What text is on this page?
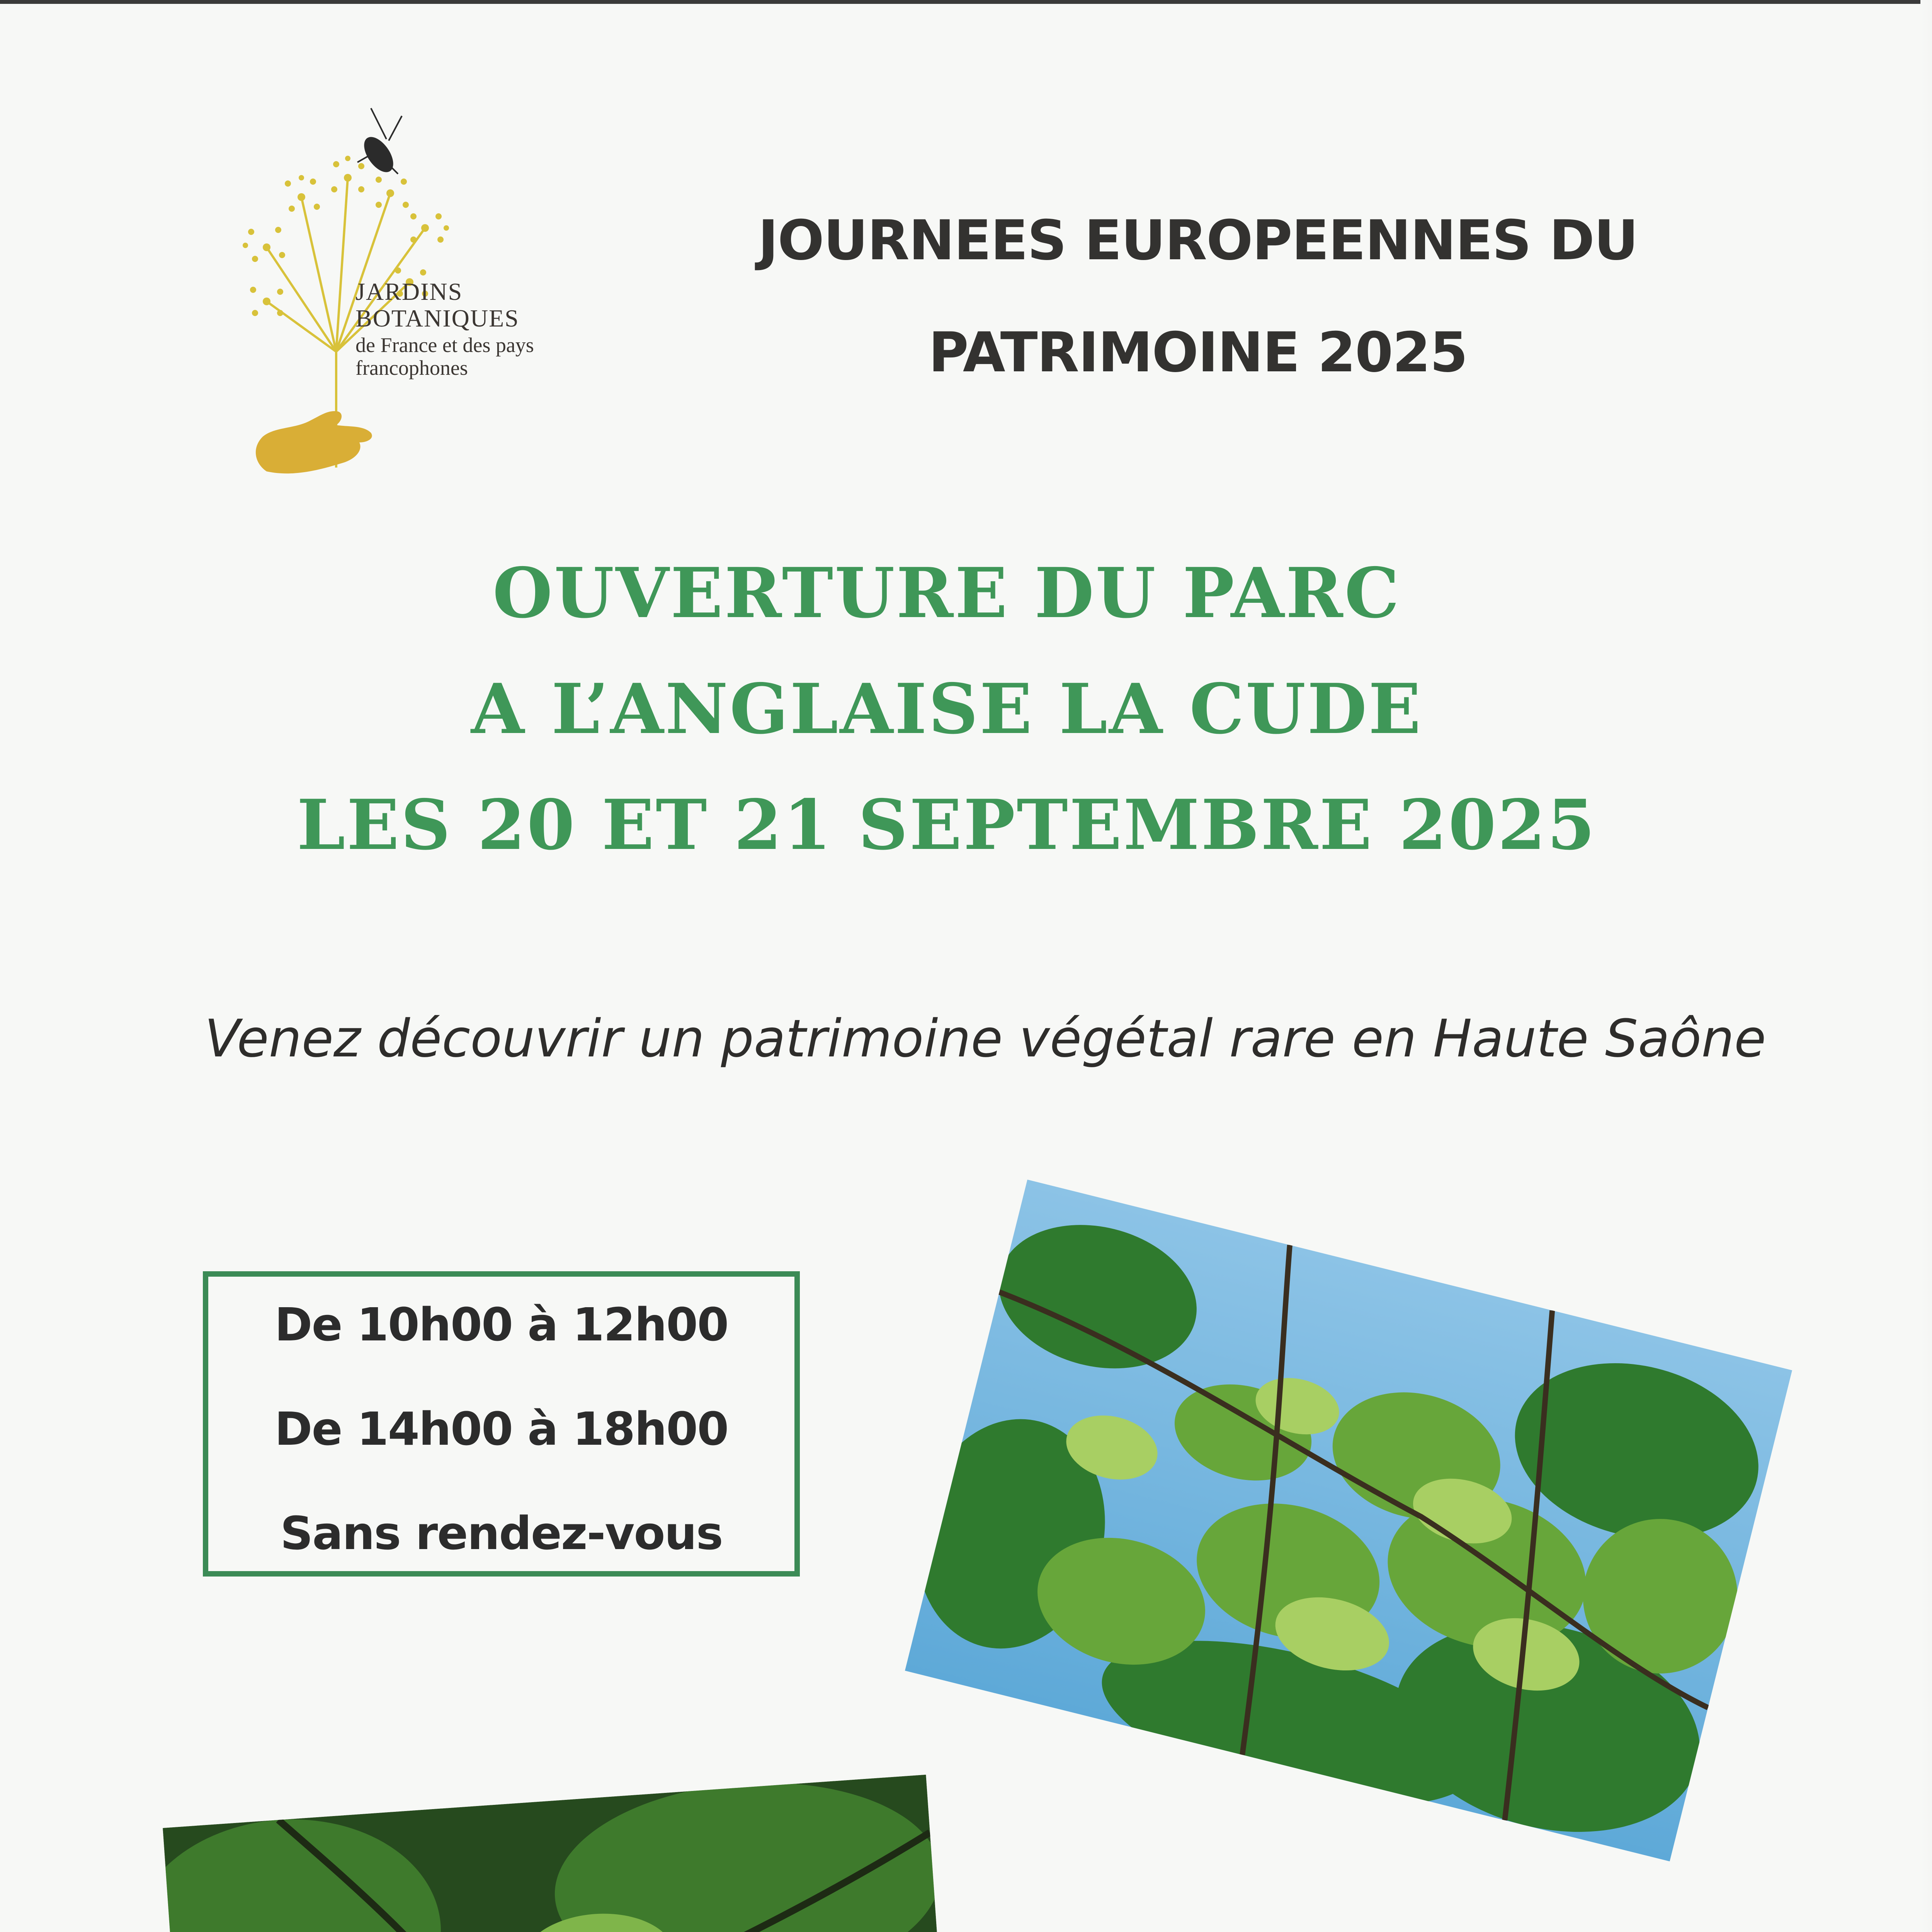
JARDINS
BOTANIQUES
de France et des pays
francophones
JOURNEES EUROPEENNES DU
PATRIMOINE 2025
OUVERTURE DU PARC
A L’ANGLAISE LA CUDE
LES 20 ET 21 SEPTEMBRE 2025
Venez découvrir un patrimoine végétal rare en Haute Saône
De 10h00 à 12h00
De 14h00 à 18h00
Sans rendez-vous
